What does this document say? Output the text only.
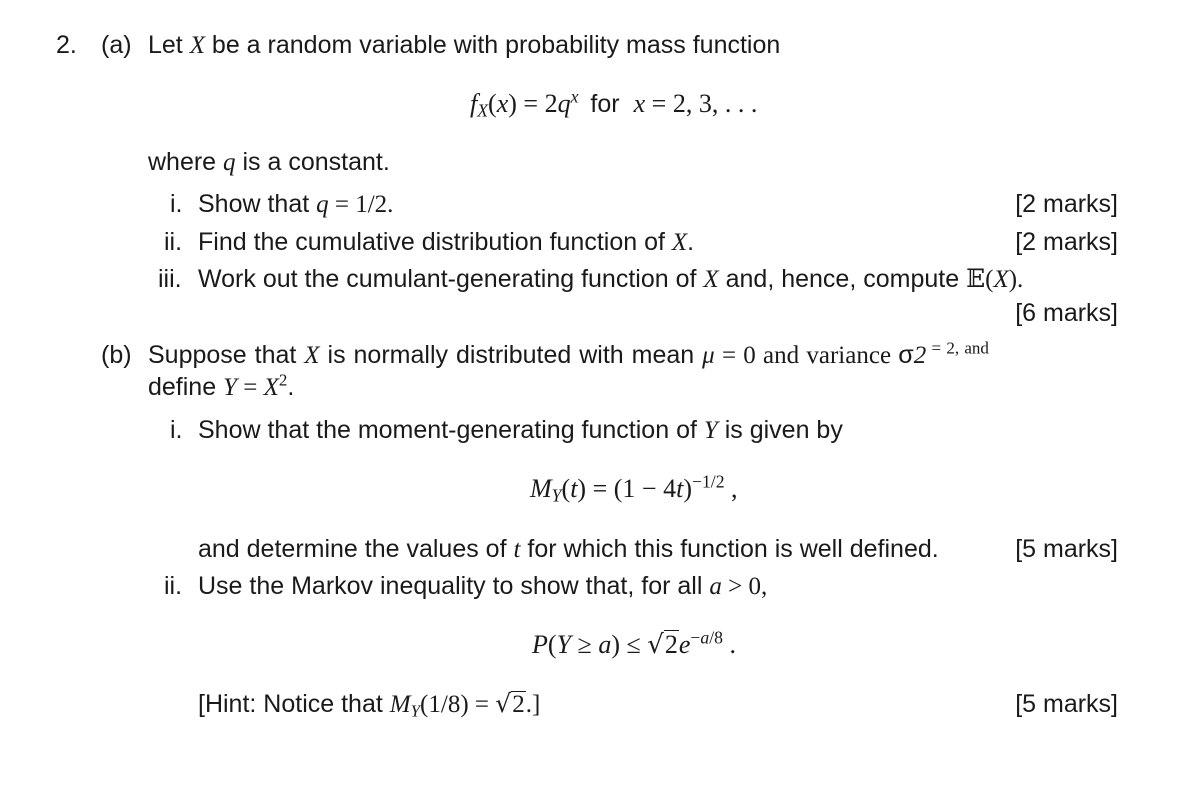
2. (a) Let X be a random variable with probability mass function
$f_X(x) = 2q^x$ for x = 2, 3, . . .
where q is a constant.
i. Show that q = 1/2.	[2 marks]
ii. Find the cumulative distribution function of X.	[2 marks]
iii. Work out the cumulant-generating function of X and, hence, compute 𝔼(X).
[6 marks]
(b) Suppose that X is normally distributed with mean μ = 0 and variance σ2 $^{= 2, and}$
define $Y = X^2$.
i. Show that the moment-generating function of Y is given by
$M_Y(t) = (1 - 4t)^{-1/2}$ ,
and determine the values of t for which this function is well defined.	[5 marks]
ii. Use the Markov inequality to show that, for all a > 0,
$P(Y \ge a) \le √2e^{-a/8}$ .
[Hint: Notice that $M_Y(1/8) = √2$.]	[5 marks]
